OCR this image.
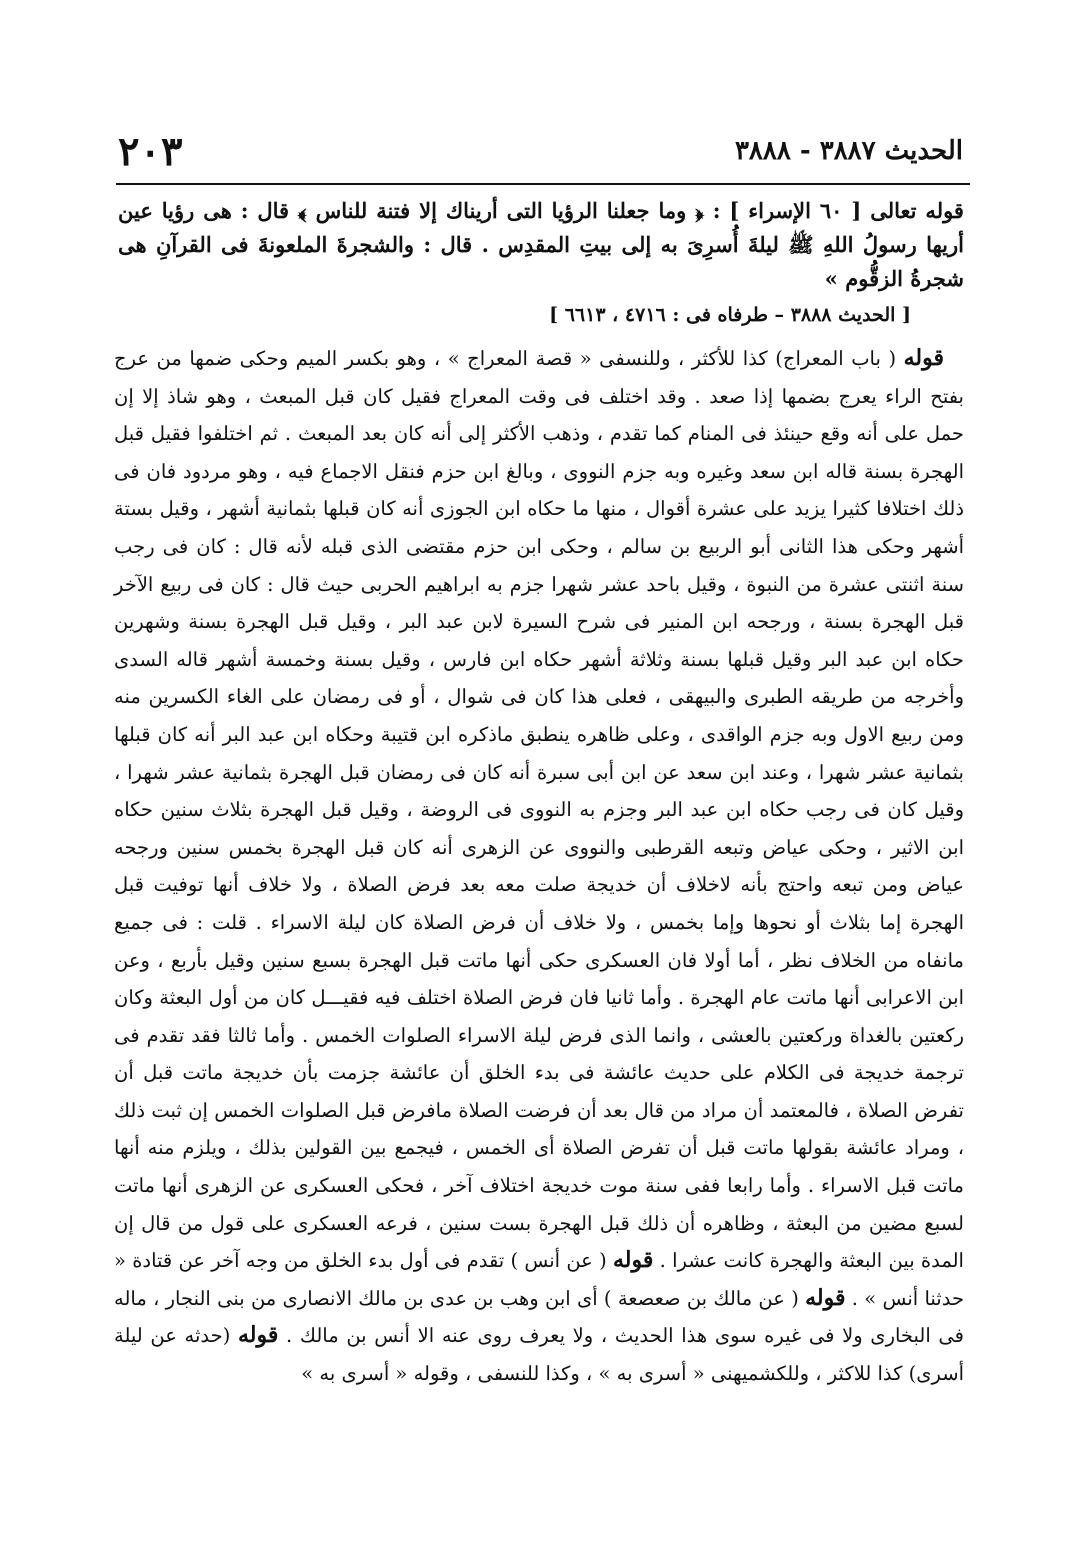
الحديث ٣٨٨٧ - ٣٨٨٨
٢٠٣

قوله تعالى [ ٦٠ الإسراء ] : ﴿ وما جعلنا الرؤيا التى أريناك إلا فتنة للناس ﴾ قال : هى رؤيا عين أريها رسولُ اللهِ ﷺ ليلةَ أُسرِىَ به إلى بيتِ المقدِس . قال : والشجرةَ الملعونةَ فى القرآنِ هى شجرةُ الزقُّوم »

[ الحديث ٣٨٨٨ – طرفاه فى : ٤٧١٦ ، ٦٦١٣ ]

قوله ( باب المعراج) كذا للأكثر ، وللنسفى « قصة المعراج » ، وهو بكسر الميم وحكى ضمها من عرج بفتح الراء يعرج بضمها إذا صعد . وقد اختلف فى وقت المعراج فقيل كان قبل المبعث ، وهو شاذ إلا إن حمل على أنه وقع حينئذ فى المنام كما تقدم ، وذهب الأكثر إلى أنه كان بعد المبعث . ثم اختلفوا فقيل قبل الهجرة بسنة قاله ابن سعد وغيره وبه جزم النووى ، وبالغ ابن حزم فنقل الاجماع فيه ، وهو مردود فان فى ذلك اختلافا كثيرا يزيد على عشرة أقوال ، منها ما حكاه ابن الجوزى أنه كان قبلها بثمانية أشهر ، وقيل بستة أشهر وحكى هذا الثانى أبو الربيع بن سالم ، وحكى ابن حزم مقتضى الذى قبله لأنه قال : كان فى رجب سنة اثنتى عشرة من النبوة ، وقيل باحد عشر شهرا جزم به ابراهيم الحربى حيث قال : كان فى ربيع الآخر قبل الهجرة بسنة ، ورجحه ابن المنير فى شرح السيرة لابن عبد البر ، وقيل قبل الهجرة بسنة وشهرين حكاه ابن عبد البر وقيل قبلها بسنة وثلاثة أشهر حكاه ابن فارس ، وقيل بسنة وخمسة أشهر قاله السدى وأخرجه من طريقه الطبرى والبيهقى ، فعلى هذا كان فى شوال ، أو فى رمضان على الغاء الكسرين منه ومن ربيع الاول وبه جزم الواقدى ، وعلى ظاهره ينطبق ماذكره ابن قتيبة وحكاه ابن عبد البر أنه كان قبلها بثمانية عشر شهرا ، وعند ابن سعد عن ابن أبى سبرة أنه كان فى رمضان قبل الهجرة بثمانية عشر شهرا ، وقيل كان فى رجب حكاه ابن عبد البر وجزم به النووى فى الروضة ، وقيل قبل الهجرة بثلاث سنين حكاه ابن الاثير ، وحكى عياض وتبعه القرطبى والنووى عن الزهرى أنه كان قبل الهجرة بخمس سنين ورجحه عياض ومن تبعه واحتج بأنه لاخلاف أن خديجة صلت معه بعد فرض الصلاة ، ولا خلاف أنها توفيت قبل الهجرة إما بثلاث أو نحوها وإما بخمس ، ولا خلاف أن فرض الصلاة كان ليلة الاسراء . قلت : فى جميع مانفاه من الخلاف نظر ، أما أولا فان العسكرى حكى أنها ماتت قبل الهجرة بسبع سنين وقيل بأربع ، وعن ابن الاعرابى أنها ماتت عام الهجرة . وأما ثانيا فان فرض الصلاة اختلف فيه فقيـــل كان من أول البعثة وكان ركعتين بالغداة وركعتين بالعشى ، وانما الذى فرض ليلة الاسراء الصلوات الخمس . وأما ثالثا فقد تقدم فى ترجمة خديجة فى الكلام على حديث عائشة فى بدء الخلق أن عائشة جزمت بأن خديجة ماتت قبل أن تفرض الصلاة ، فالمعتمد أن مراد من قال بعد أن فرضت الصلاة مافرض قبل الصلوات الخمس إن ثبت ذلك ، ومراد عائشة بقولها ماتت قبل أن تفرض الصلاة أى الخمس ، فيجمع بين القولين بذلك ، ويلزم منه أنها ماتت قبل الاسراء . وأما رابعا ففى سنة موت خديجة اختلاف آخر ، فحكى العسكرى عن الزهرى أنها ماتت لسبع مضين من البعثة ، وظاهره أن ذلك قبل الهجرة بست سنين ، فرعه العسكرى على قول من قال إن المدة بين البعثة والهجرة كانت عشرا . قوله ( عن أنس ) تقدم فى أول بدء الخلق من وجه آخر عن قتادة « حدثنا أنس » . قوله ( عن مالك بن صعصعة ) أى ابن وهب بن عدى بن مالك الانصارى من بنى النجار ، ماله فى البخارى ولا فى غيره سوى هذا الحديث ، ولا يعرف روى عنه الا أنس بن مالك . قوله (حدثه عن ليلة أسرى) كذا للاكثر ، وللكشميهنى « أسرى به » ، وكذا للنسفى ، وقوله « أسرى به »
